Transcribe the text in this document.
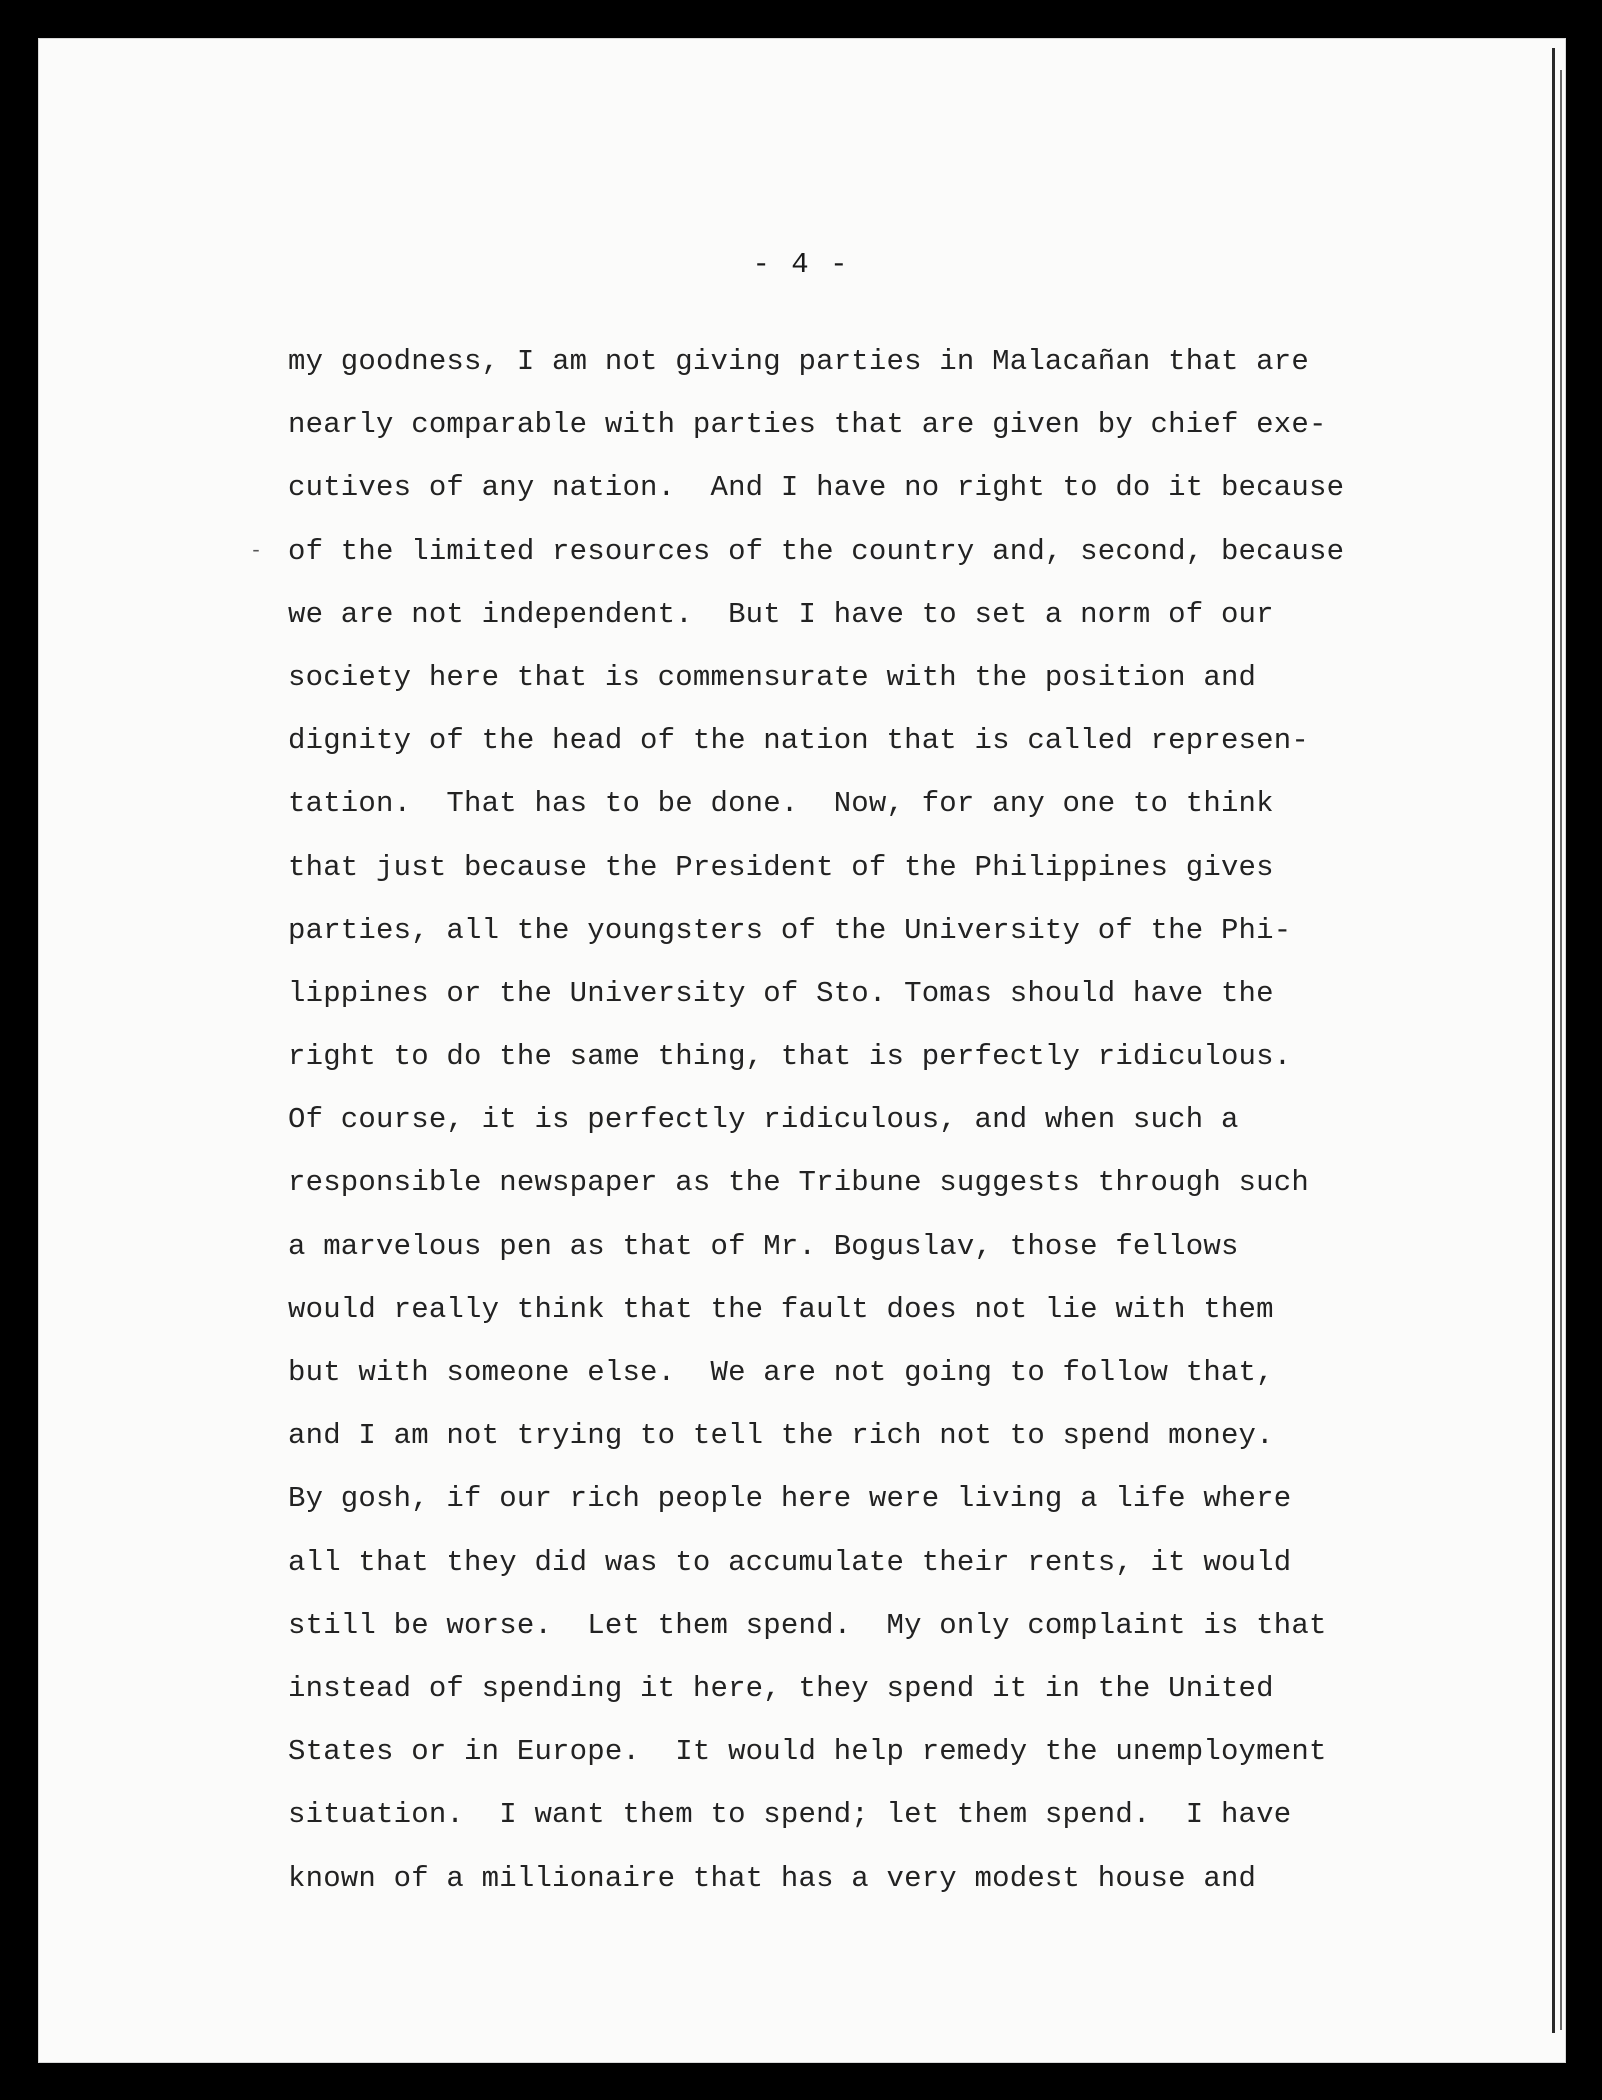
- 4 -
-
my goodness, I am not giving parties in Malacañan that are
nearly comparable with parties that are given by chief exe-
cutives of any nation.  And I have no right to do it because
of the limited resources of the country and, second, because
we are not independent.  But I have to set a norm of our
society here that is commensurate with the position and
dignity of the head of the nation that is called represen-
tation.  That has to be done.  Now, for any one to think
that just because the President of the Philippines gives
parties, all the youngsters of the University of the Phi-
lippines or the University of Sto. Tomas should have the
right to do the same thing, that is perfectly ridiculous.
Of course, it is perfectly ridiculous, and when such a
responsible newspaper as the Tribune suggests through such
a marvelous pen as that of Mr. Boguslav, those fellows
would really think that the fault does not lie with them
but with someone else.  We are not going to follow that,
and I am not trying to tell the rich not to spend money.
By gosh, if our rich people here were living a life where
all that they did was to accumulate their rents, it would
still be worse.  Let them spend.  My only complaint is that
instead of spending it here, they spend it in the United
States or in Europe.  It would help remedy the unemployment
situation.  I want them to spend; let them spend.  I have
known of a millionaire that has a very modest house and
